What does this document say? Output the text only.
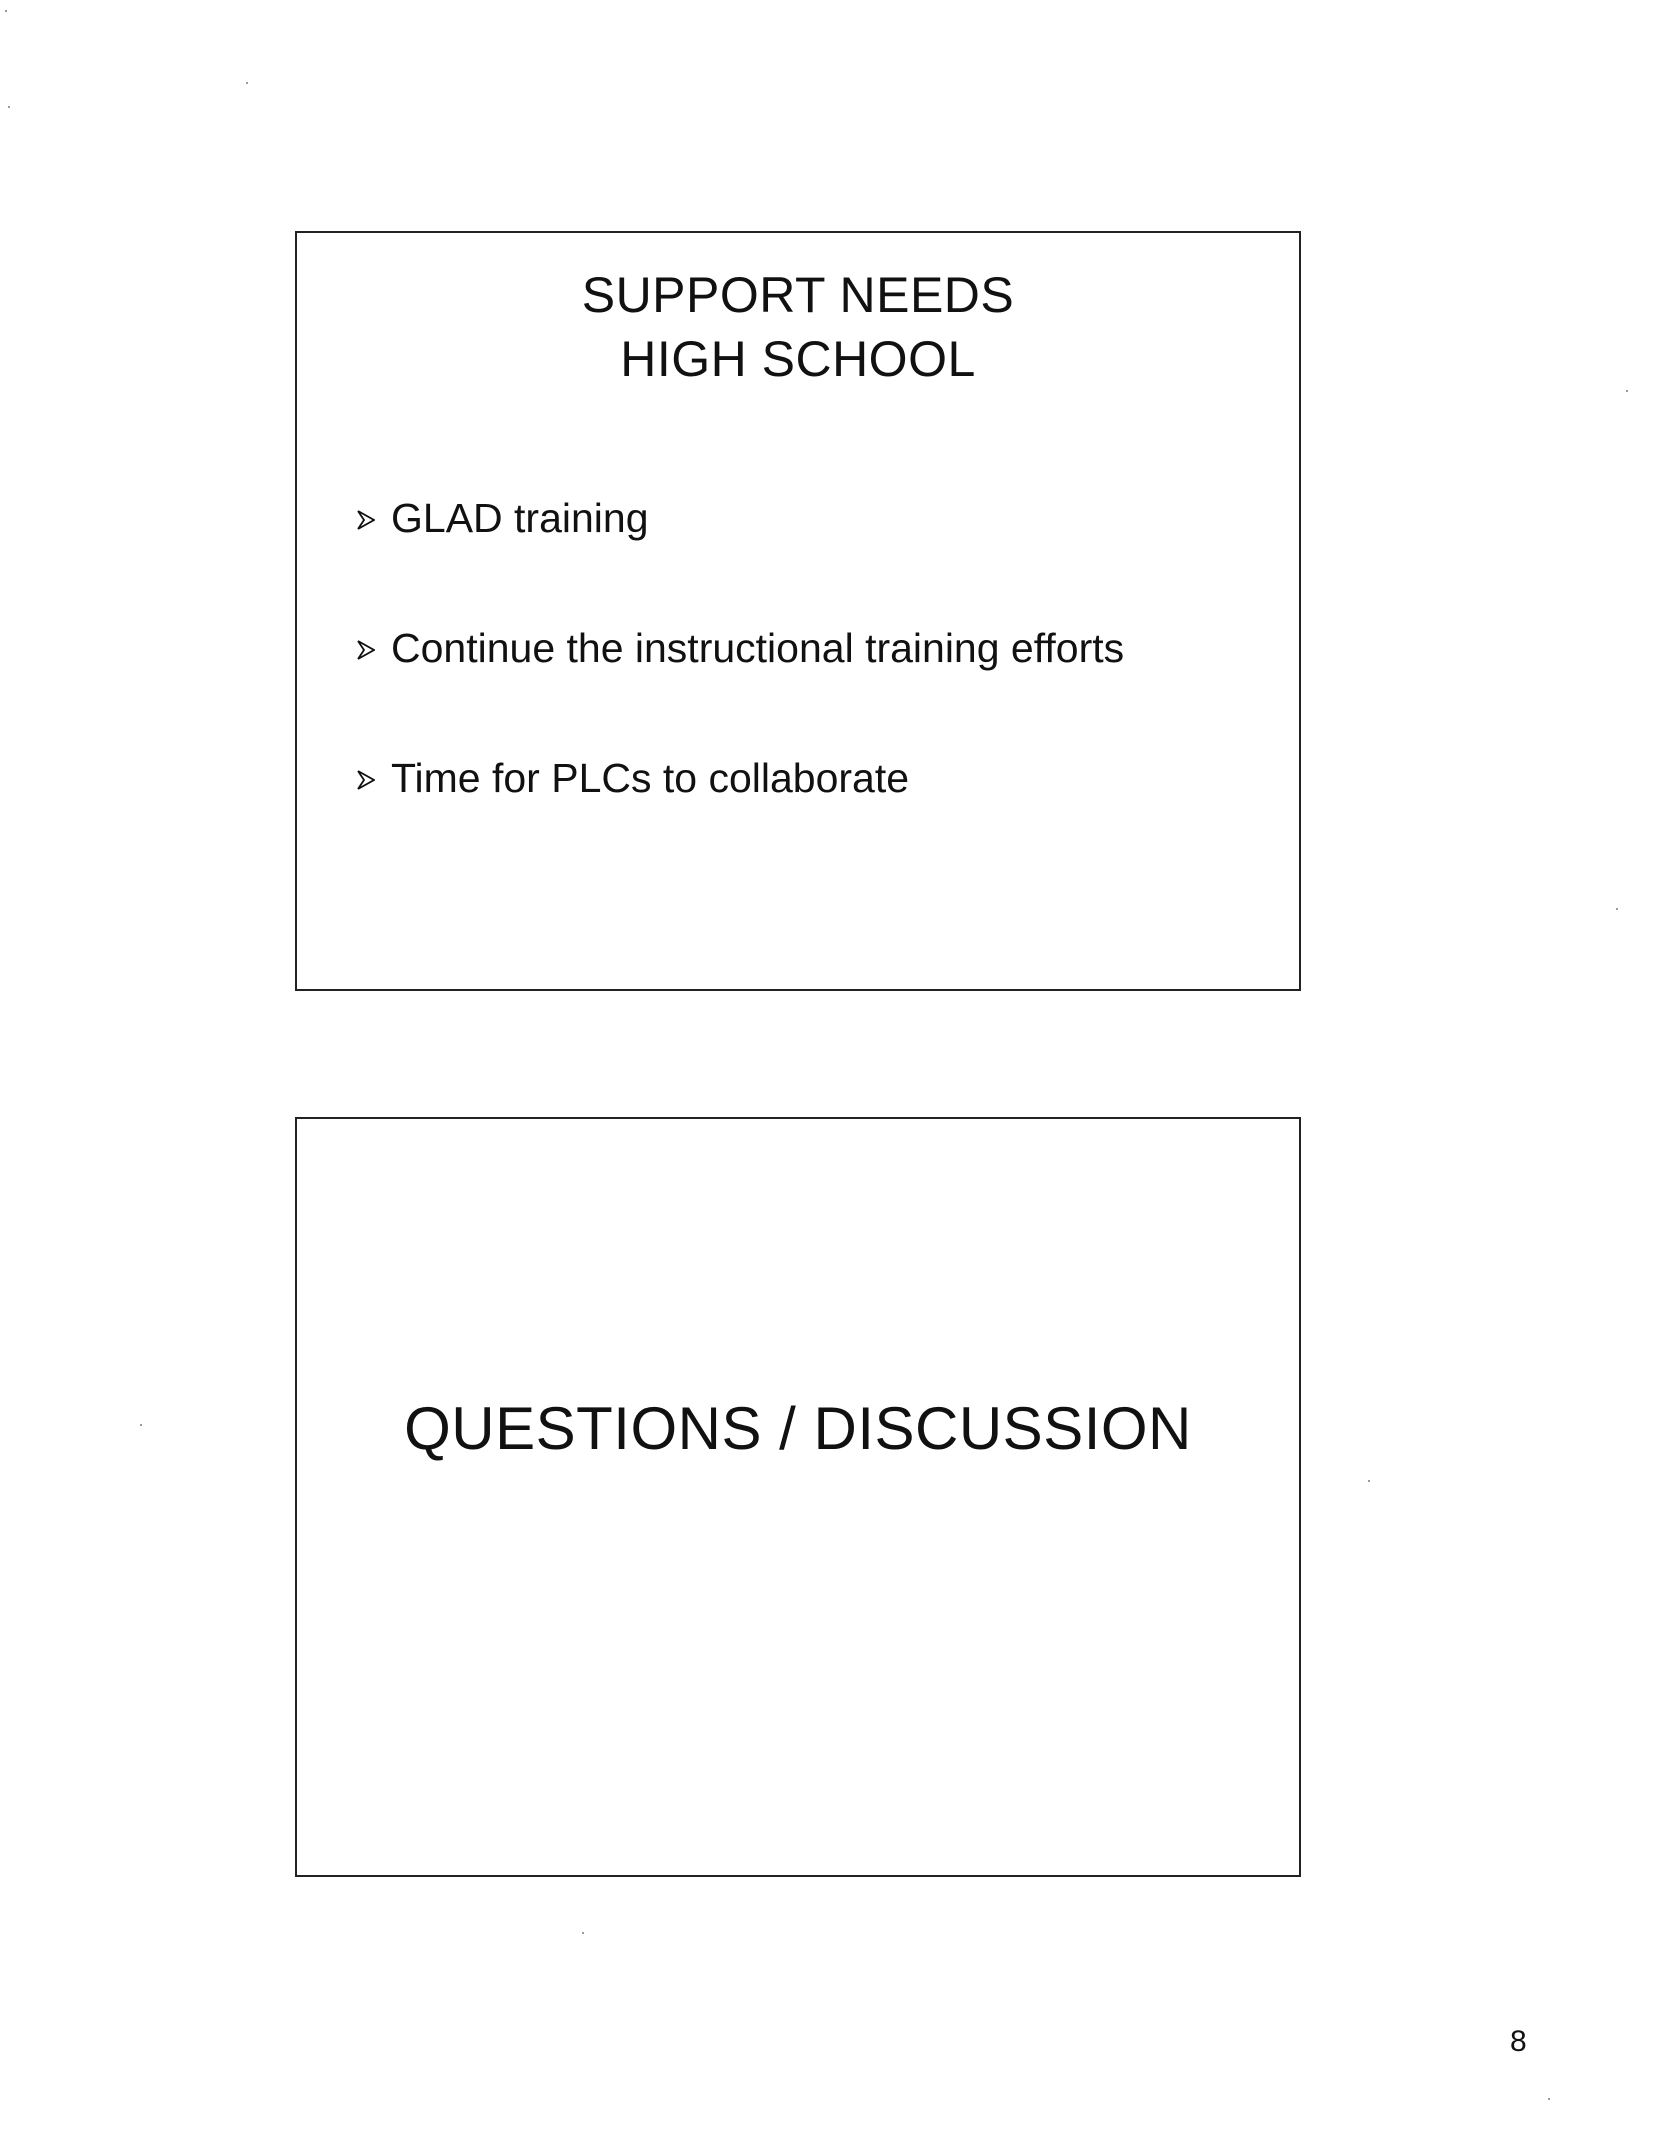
SUPPORT NEEDS
HIGH SCHOOL
GLAD training
Continue the instructional training efforts
Time for PLCs to collaborate
QUESTIONS / DISCUSSION
8
